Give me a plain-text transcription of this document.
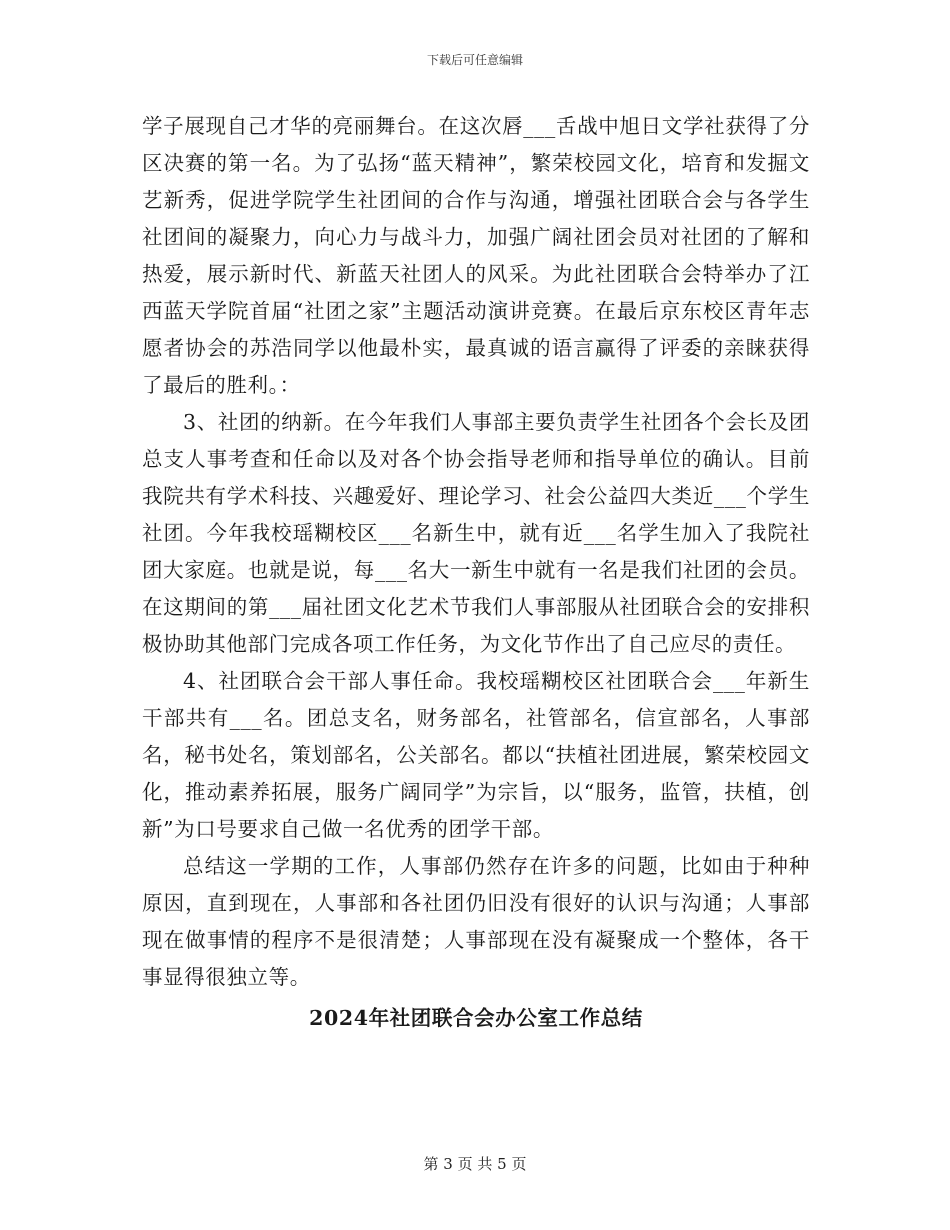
下载后可任意编辑

学子展现自己才华的亮丽舞台。在这次唇___舌战中旭日文学社获得了分区决赛的第一名。为了弘扬“蓝天精神”，繁荣校园文化，培育和发掘文艺新秀，促进学院学生社团间的合作与沟通，增强社团联合会与各学生社团间的凝聚力，向心力与战斗力，加强广阔社团会员对社团的了解和热爱，展示新时代、新蓝天社团人的风采。为此社团联合会特举办了江西蓝天学院首届“社团之家”主题活动演讲竞赛。在最后京东校区青年志愿者协会的苏浩同学以他最朴实，最真诚的语言赢得了评委的亲睐获得了最后的胜利。：

3、社团的纳新。在今年我们人事部主要负责学生社团各个会长及团总支人事考查和任命以及对各个协会指导老师和指导单位的确认。目前我院共有学术科技、兴趣爱好、理论学习、社会公益四大类近___个学生社团。今年我校瑶糊校区___名新生中，就有近___名学生加入了我院社团大家庭。也就是说，每___名大一新生中就有一名是我们社团的会员。在这期间的第___届社团文化艺术节我们人事部服从社团联合会的安排积极协助其他部门完成各项工作任务，为文化节作出了自己应尽的责任。

4、社团联合会干部人事任命。我校瑶糊校区社团联合会___年新生干部共有___名。团总支名，财务部名，社管部名，信宣部名，人事部名，秘书处名，策划部名，公关部名。都以“扶植社团进展，繁荣校园文化，推动素养拓展，服务广阔同学”为宗旨，以“服务，监管，扶植，创新”为口号要求自己做一名优秀的团学干部。

总结这一学期的工作，人事部仍然存在许多的问题，比如由于种种原因，直到现在，人事部和各社团仍旧没有很好的认识与沟通；人事部现在做事情的程序不是很清楚；人事部现在没有凝聚成一个整体，各干事显得很独立等。

2024年社团联合会办公室工作总结
第 3 页 共 5 页
